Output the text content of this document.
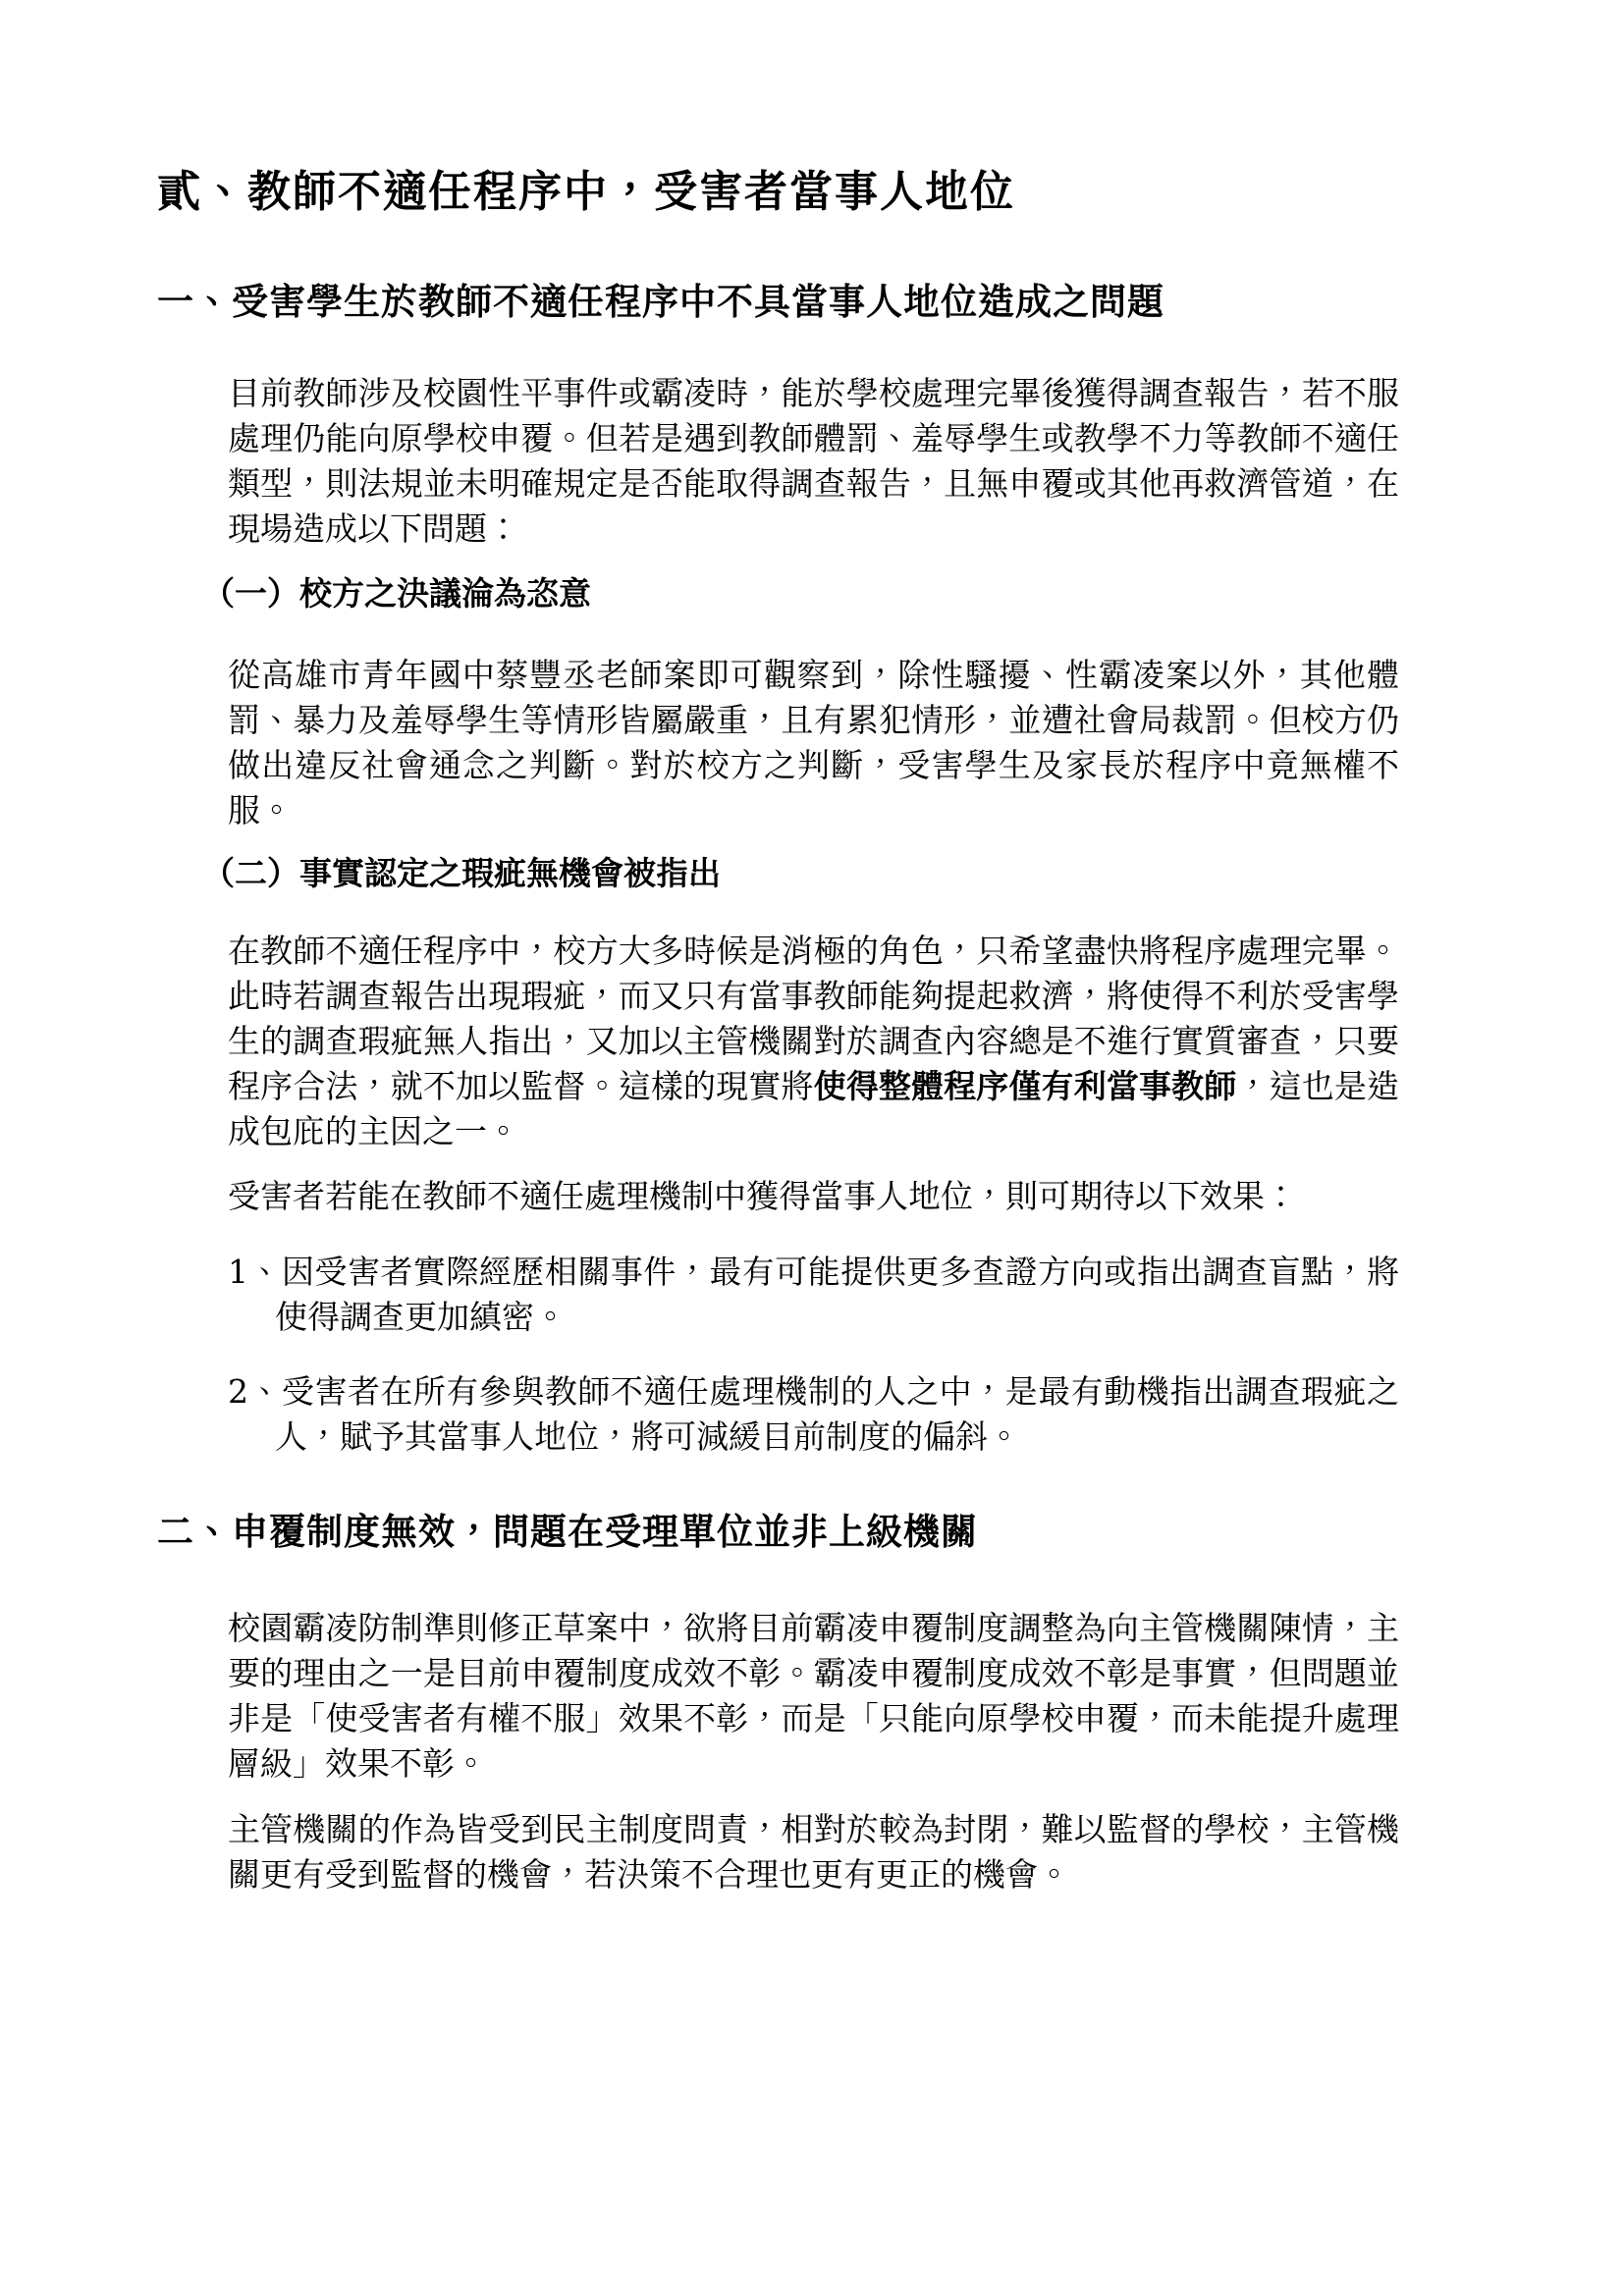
貳、教師不適任程序中，受害者當事人地位
一、受害學生於教師不適任程序中不具當事人地位造成之問題

目前教師涉及校園性平事件或霸凌時，能於學校處理完畢後獲得調查報告，若不服處理仍能向原學校申覆。但若是遇到教師體罰、羞辱學生或教學不力等教師不適任類型，則法規並未明確規定是否能取得調查報告，且無申覆或其他再救濟管道，在現場造成以下問題：

（一）校方之決議淪為恣意

從高雄市青年國中蔡豐丞老師案即可觀察到，除性騷擾、性霸凌案以外，其他體罰、暴力及羞辱學生等情形皆屬嚴重，且有累犯情形，並遭社會局裁罰。但校方仍做出違反社會通念之判斷。對於校方之判斷，受害學生及家長於程序中竟無權不服。

（二）事實認定之瑕疵無機會被指出

在教師不適任程序中，校方大多時候是消極的角色，只希望盡快將程序處理完畢。此時若調查報告出現瑕疵，而又只有當事教師能夠提起救濟，將使得不利於受害學生的調查瑕疵無人指出，又加以主管機關對於調查內容總是不進行實質審查，只要程序合法，就不加以監督。這樣的現實將使得整體程序僅有利當事教師，這也是造成包庇的主因之一。

受害者若能在教師不適任處理機制中獲得當事人地位，則可期待以下效果：

1、因受害者實際經歷相關事件，最有可能提供更多查證方向或指出調查盲點，將使得調查更加縝密。
2、受害者在所有參與教師不適任處理機制的人之中，是最有動機指出調查瑕疵之人，賦予其當事人地位，將可減緩目前制度的偏斜。
二、申覆制度無效，問題在受理單位並非上級機關

校園霸凌防制準則修正草案中，欲將目前霸凌申覆制度調整為向主管機關陳情，主要的理由之一是目前申覆制度成效不彰。霸凌申覆制度成效不彰是事實，但問題並非是「使受害者有權不服」效果不彰，而是「只能向原學校申覆，而未能提升處理層級」效果不彰。

主管機關的作為皆受到民主制度問責，相對於較為封閉，難以監督的學校，主管機關更有受到監督的機會，若決策不合理也更有更正的機會。
